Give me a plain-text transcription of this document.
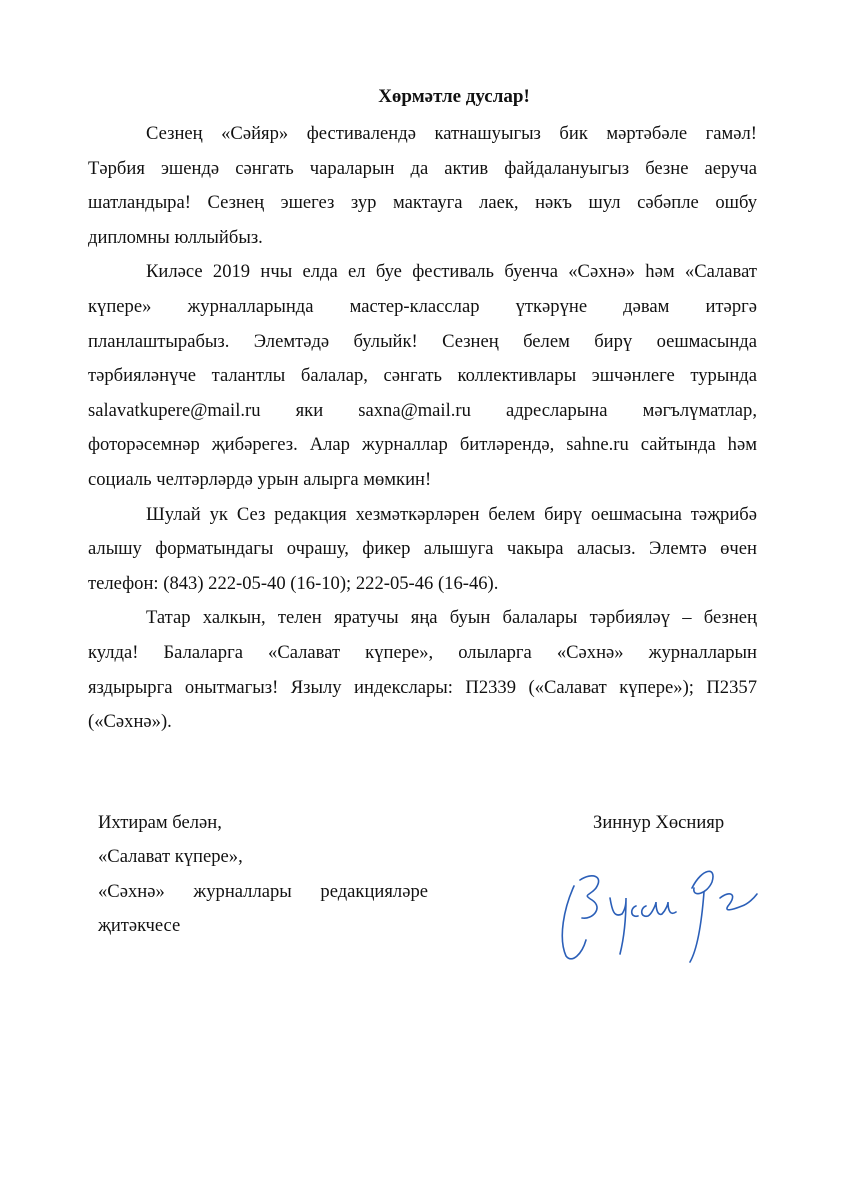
Хөрмәтле дуслар!
Сезнең «Сәйяр» фестивалендә катнашуыгыз бик мәртәбәле гамәл!
Тәрбия эшендә сәнгать чараларын да актив файдалануыгыз безне аеруча
шатландыра! Сезнең эшегез зур мактауга лаек, нәкъ шул сәбәпле ошбу
дипломны юллыйбыз.
Киләсе 2019 нчы елда ел буе фестиваль буенча «Сәхнә» һәм «Салават
күпере» журналларында мастер-класслар үткәрүне дәвам итәргә
планлаштырабыз. Элемтәдә булыйк! Сезнең белем бирү оешмасында
тәрбияләнүче талантлы балалар, сәнгать коллективлары эшчәнлеге турында
salavatkupere@mail.ru яки saxna@mail.ru адресларына мәгълүматлар,
фоторәсемнәр җибәрегез. Алар журналлар битләрендә, sahne.ru сайтында һәм
социаль челтәрләрдә урын алырга мөмкин!
Шулай ук Сез редакция хезмәткәрләрен белем бирү оешмасына тәҗрибә
алышу форматындагы очрашу, фикер алышуга чакыра аласыз. Элемтә өчен
телефон: (843) 222-05-40 (16-10); 222-05-46 (16-46).
Татар халкын, телен яратучы яңа буын балалары тәрбияләү – безнең
кулда! Балаларга «Салават күпере», олыларга «Сәхнә» журналларын
яздырырга онытмагыз! Язылу индекслары: П2339 («Салават күпере»); П2357
(«Сәхнә»).
Ихтирам белән,
«Салават күпере»,
«Сәхнә» журналлары редакцияләре
җитәкчесе
Зиннур Хөснияр
